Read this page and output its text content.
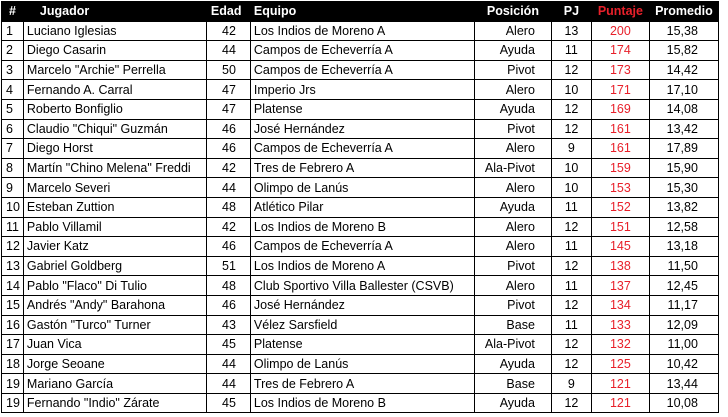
#	Jugador	Edad	Equipo	Posición	PJ	Puntaje	Promedio
1	Luciano Iglesias	42	Los Indios de Moreno A	Alero	13	200	15,38
2	Diego Casarin	44	Campos de Echeverría A	Ayuda	11	174	15,82
3	Marcelo "Archie" Perrella	50	Campos de Echeverría A	Pivot	12	173	14,42
4	Fernando A. Carral	47	Imperio Jrs	Alero	10	171	17,10
5	Roberto Bonfiglio	47	Platense	Ayuda	12	169	14,08
6	Claudio "Chiqui" Guzmán	46	José Hernández	Pivot	12	161	13,42
7	Diego Horst	46	Campos de Echeverría A	Alero	9	161	17,89
8	Martín "Chino Melena" Freddi	42	Tres de Febrero A	Ala-Pivot	10	159	15,90
9	Marcelo Severi	44	Olimpo de Lanús	Alero	10	153	15,30
10	Esteban Zuttion	48	Atlético Pilar	Ayuda	11	152	13,82
11	Pablo Villamil	42	Los Indios de Moreno B	Alero	12	151	12,58
12	Javier Katz	46	Campos de Echeverría A	Alero	11	145	13,18
13	Gabriel Goldberg	51	Los Indios de Moreno A	Pivot	12	138	11,50
14	Pablo "Flaco" Di Tulio	48	Club Sportivo Villa Ballester (CSVB)	Alero	11	137	12,45
15	Andrés "Andy" Barahona	46	José Hernández	Pivot	12	134	11,17
16	Gastón "Turco" Turner	43	Vélez Sarsfield	Base	11	133	12,09
17	Juan Vica	45	Platense	Ala-Pivot	12	132	11,00
18	Jorge Seoane	44	Olimpo de Lanús	Ayuda	12	125	10,42
19	Mariano García	44	Tres de Febrero A	Base	9	121	13,44
19	Fernando "Indio" Zárate	45	Los Indios de Moreno B	Ayuda	12	121	10,08
